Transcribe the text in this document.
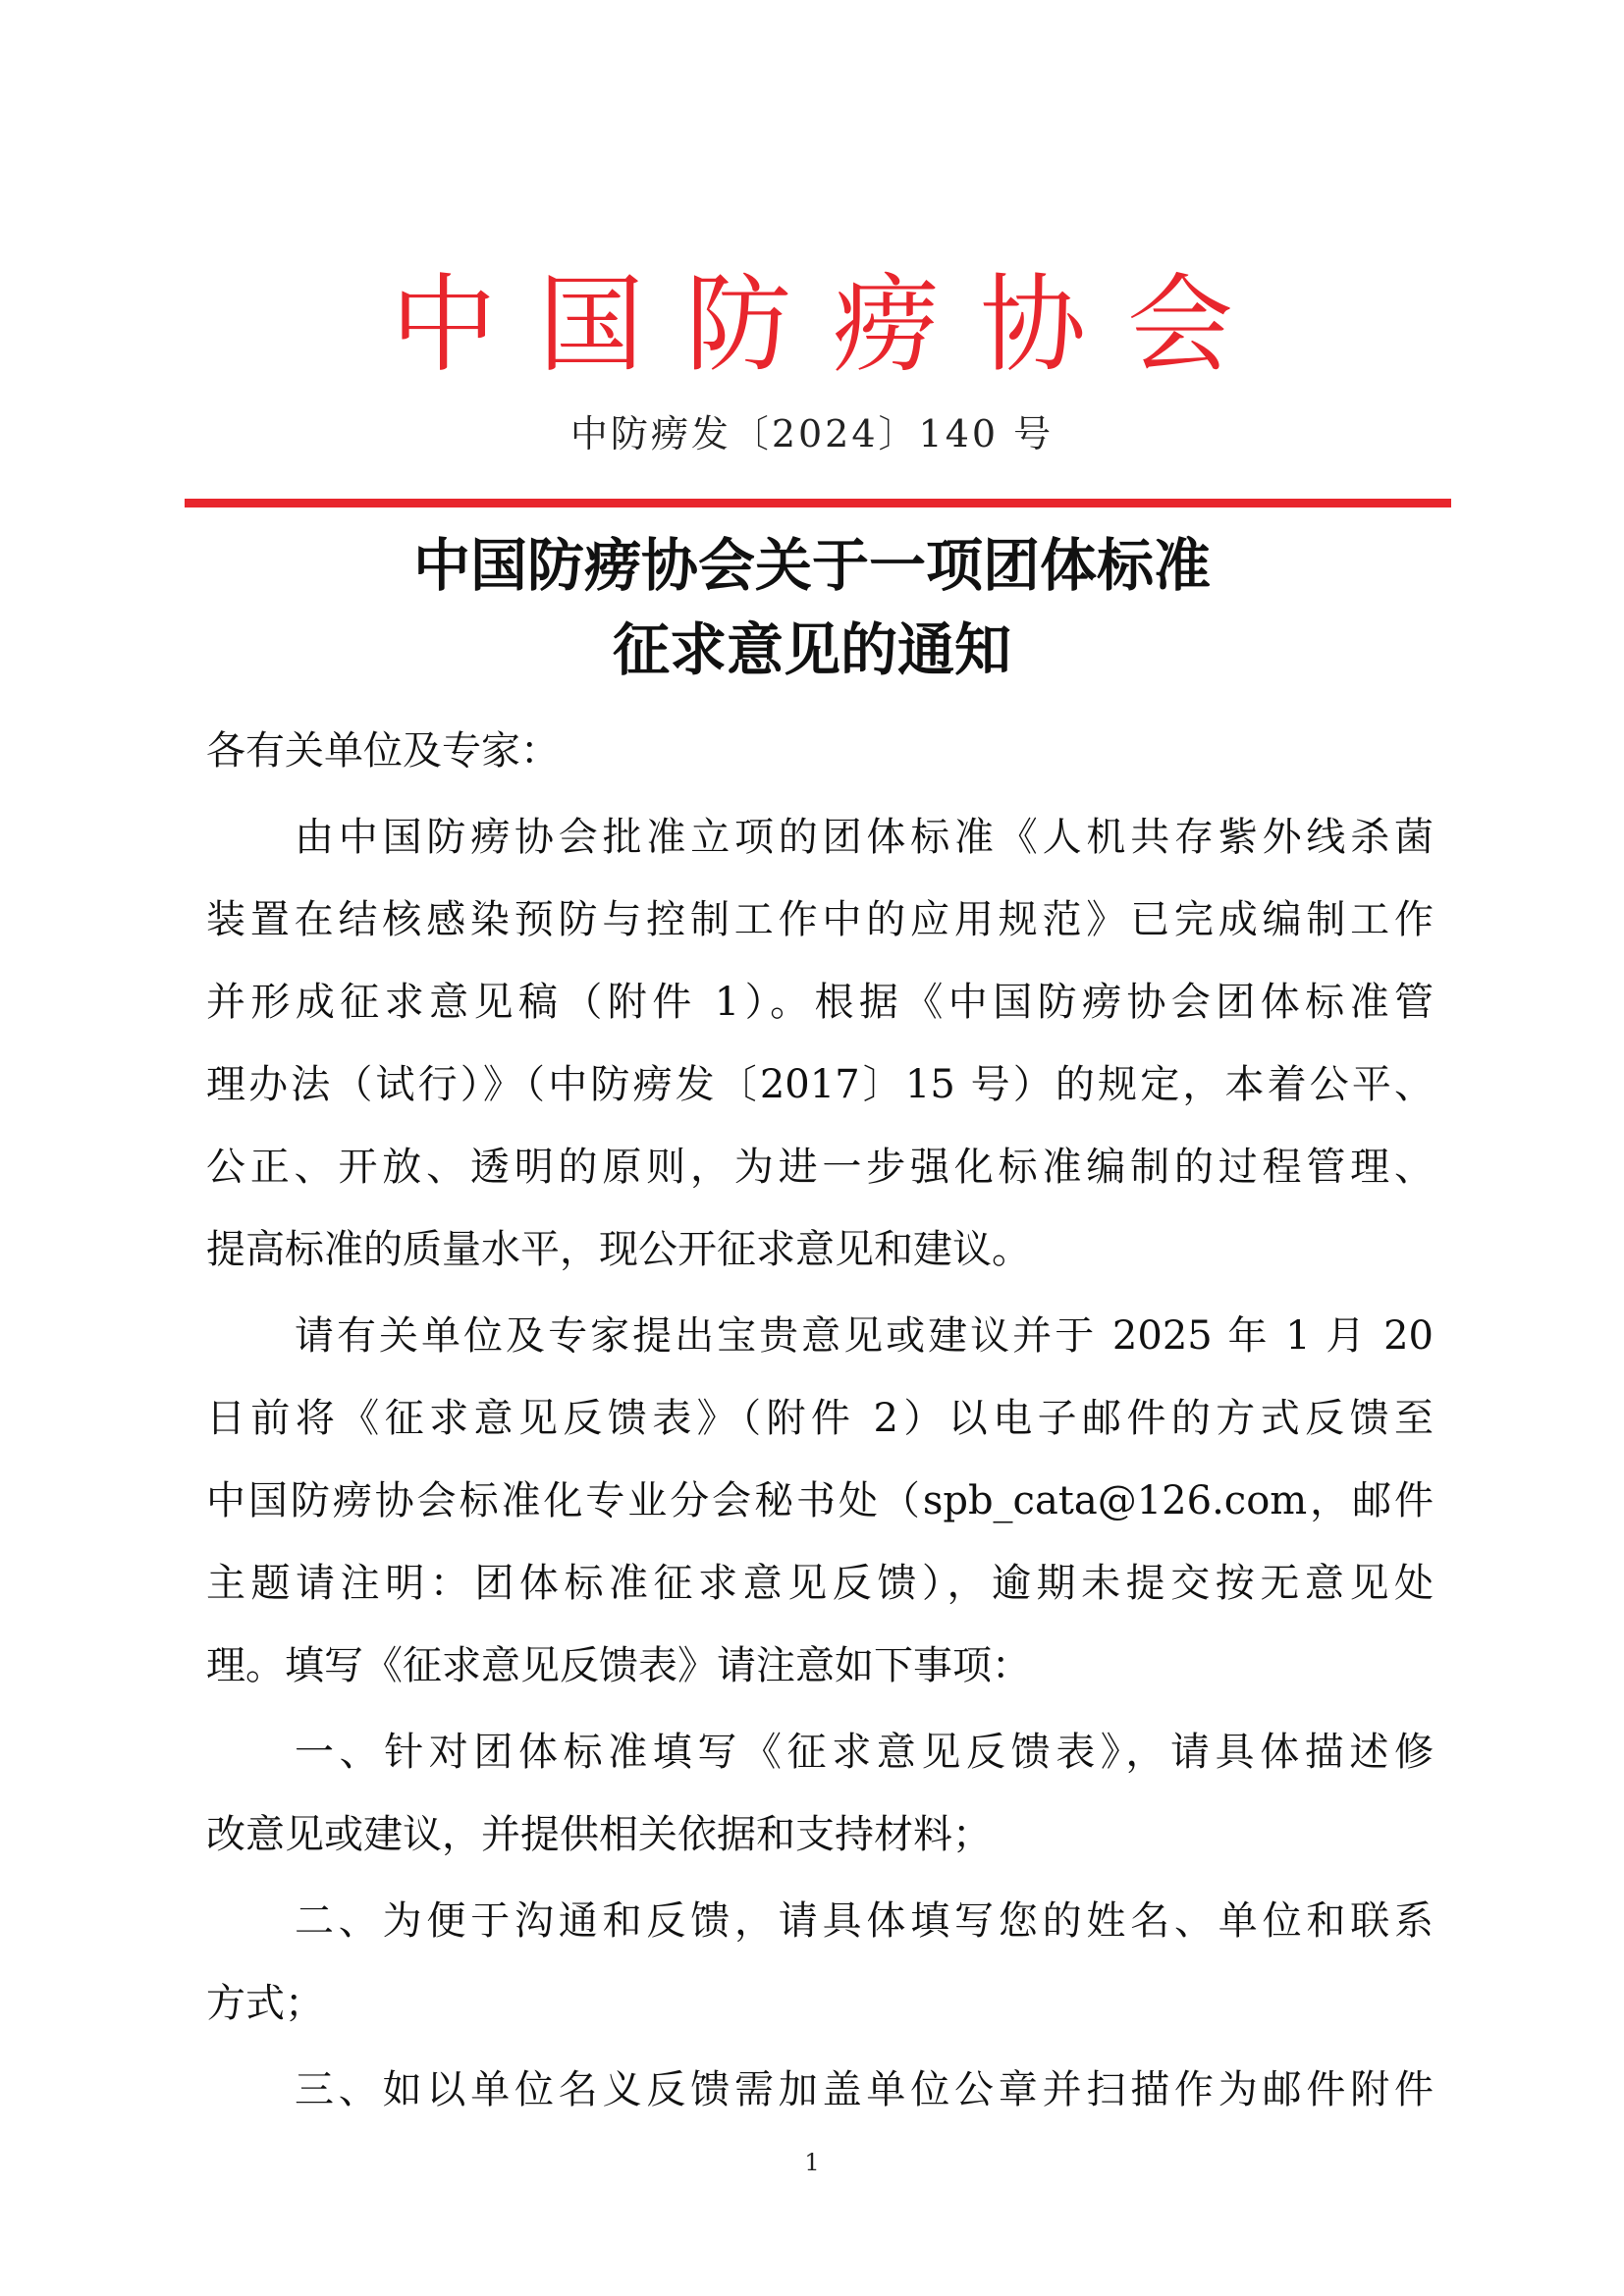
中国防痨协会
中防痨发〔2024〕140 号
中国防痨协会关于一项团体标准
征求意见的通知
各有关单位及专家：
由中国防痨协会批准立项的团体标准《人机共存紫外线杀菌
装置在结核感染预防与控制工作中的应用规范》已完成编制工作
并形成征求意见稿（附件 1）。根据《中国防痨协会团体标准管
理办法（试行）》（中防痨发〔2017〕15 号）的规定，本着公平、
公正、开放、透明的原则，为进一步强化标准编制的过程管理、
提高标准的质量水平，现公开征求意见和建议。
请有关单位及专家提出宝贵意见或建议并于 2025 年 1 月 20
日前将《征求意见反馈表》（附件 2）以电子邮件的方式反馈至
中国防痨协会标准化专业分会秘书处（spb_cata@126.com，邮件
主题请注明：团体标准征求意见反馈），逾期未提交按无意见处
理。填写《征求意见反馈表》请注意如下事项：
一、针对团体标准填写《征求意见反馈表》，请具体描述修
改意见或建议，并提供相关依据和支持材料；
二、为便于沟通和反馈，请具体填写您的姓名、单位和联系
方式；
三、如以单位名义反馈需加盖单位公章并扫描作为邮件附件
1
